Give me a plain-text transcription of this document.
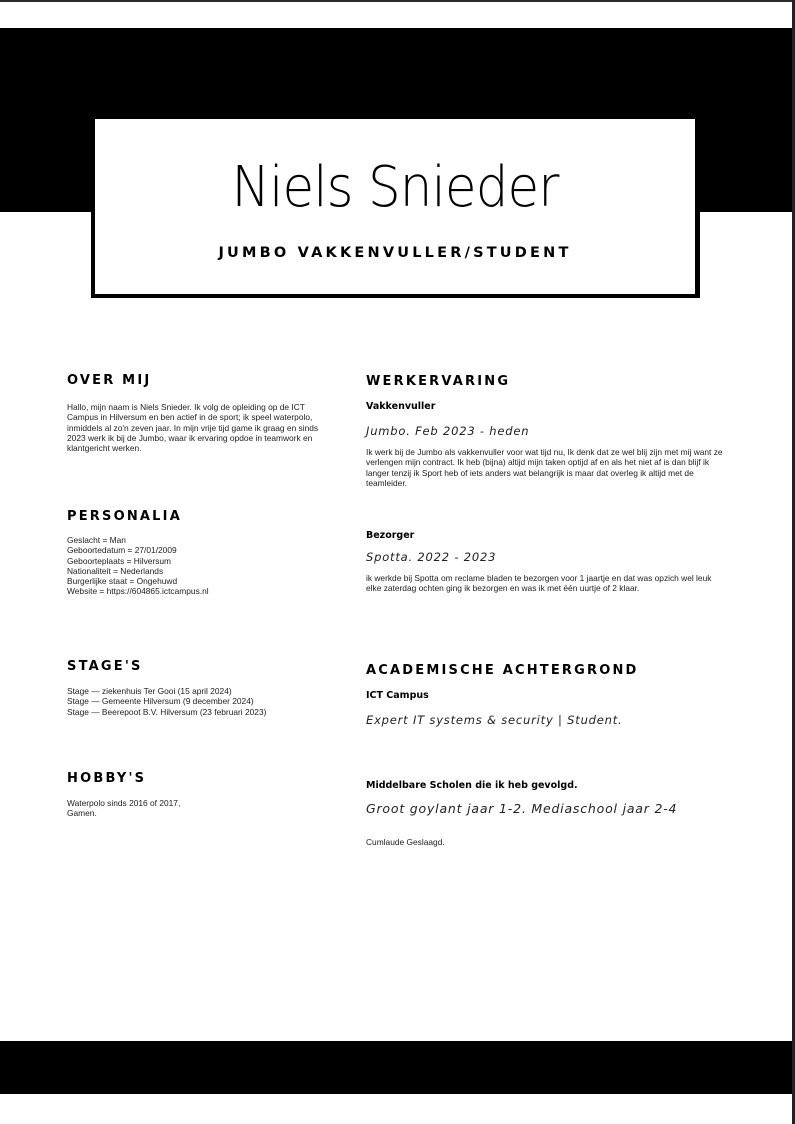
Niels Snieder
JUMBO VAKKENVULLER/STUDENT
OVER MIJ

Hallo, mijn naam is Niels Snieder. Ik volg de opleiding op de ICT Campus in Hilversum en ben actief in de sport; ik speel waterpolo, inmiddels al zo'n zeven jaar. In mijn vrije tijd game ik graag en sinds 2023 werk ik bij de Jumbo, waar ik ervaring opdoe in teamwork en klantgericht werken.

PERSONALIA
Geslacht = Man
Geboortedatum = 27/01/2009
Geboorteplaats = Hilversum
Nationaliteit = Nederlands
Burgerlijke staat = Ongehuwd
Website = https://604865.ictcampus.nl
STAGE'S
Stage — ziekenhuis Ter Gooi (15 april 2024)
Stage — Gemeente Hilversum (9 december 2024)
Stage — Beerepoot B.V. Hilversum (23 februari 2023)
HOBBY'S
Waterpolo sinds 2016 of 2017,
Gamen.
WERKERVARING

Vakkenvuller

Jumbo. Feb 2023 - heden

Ik werk bij de Jumbo als vakkenvuller voor wat tijd nu, Ik denk dat ze wel blij zijn met mij want ze verlengen mijn contract. Ik heb (bijna) altijd mijn taken optijd af en als het niet af is dan blijf ik langer tenzij ik Sport heb of iets anders wat belangrijk is maar dat overleg ik altijd met de teamleider.

Bezorger

Spotta. 2022 - 2023

ik werkde bij Spotta om reclame bladen te bezorgen voor 1 jaartje en dat was opzich wel leuk elke zaterdag ochten ging ik bezorgen en was ik met één uurtje of 2 klaar.

ACADEMISCHE ACHTERGROND

ICT Campus

Expert IT systems & security | Student.

Middelbare Scholen die ik heb gevolgd.

Groot goylant jaar 1-2. Mediaschool jaar 2-4

Cumlaude Geslaagd.
